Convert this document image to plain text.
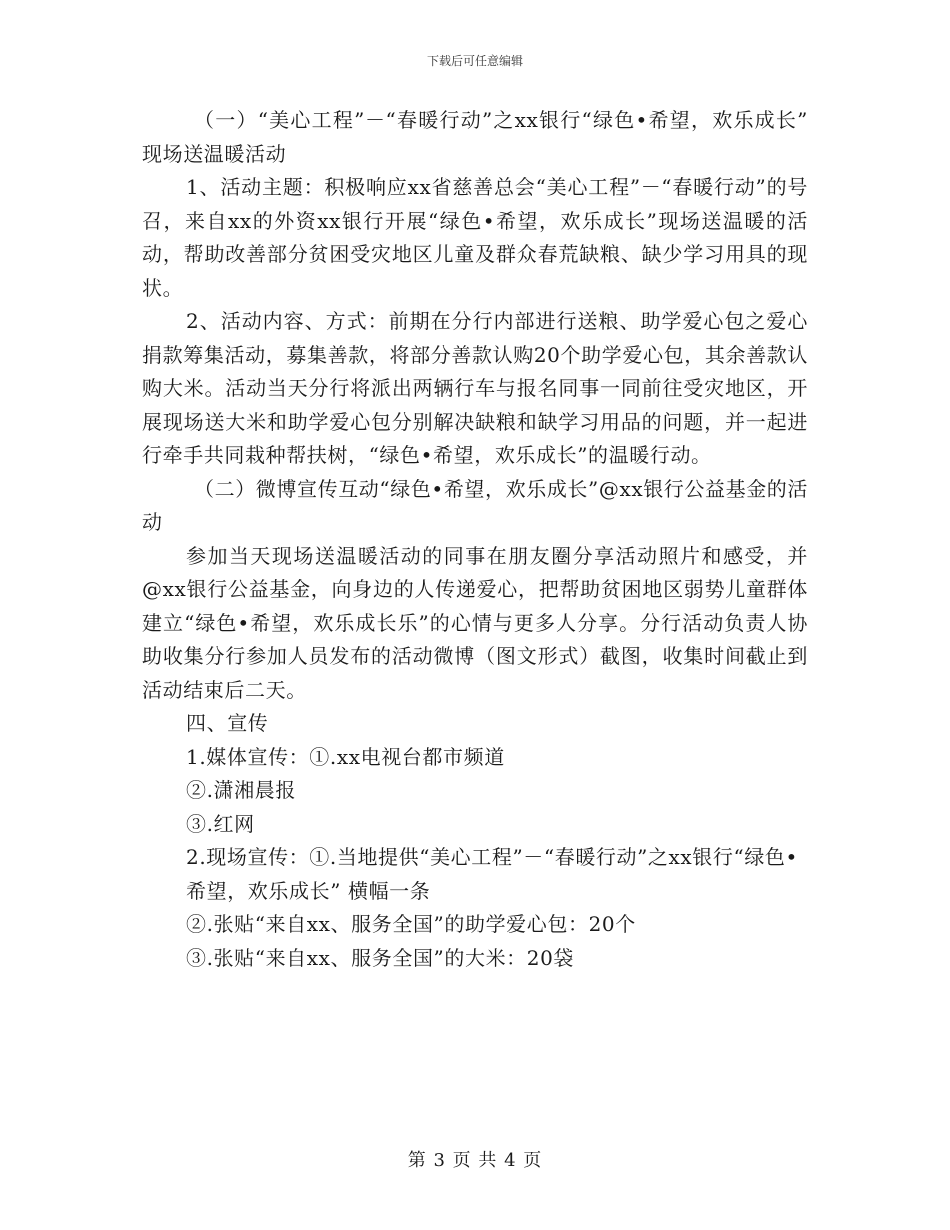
下载后可任意编辑

（一）“美心工程”－“春暖行动”之xx银行“绿色•希望，欢乐成长” 现场送温暖活动

1、活动主题：积极响应xx省慈善总会“美心工程”－“春暖行动”的号召，来自xx的外资xx银行开展“绿色•希望，欢乐成长”现场送温暖的活动，帮助改善部分贫困受灾地区儿童及群众春荒缺粮、缺少学习用具的现状。

2、活动内容、方式：前期在分行内部进行送粮、助学爱心包之爱心捐款筹集活动，募集善款，将部分善款认购20个助学爱心包，其余善款认购大米。活动当天分行将派出两辆行车与报名同事一同前往受灾地区，开展现场送大米和助学爱心包分别解决缺粮和缺学习用品的问题，并一起进行牵手共同栽种帮扶树，“绿色•希望，欢乐成长”的温暖行动。

（二）微博宣传互动“绿色•希望，欢乐成长”@xx银行公益基金的活动

参加当天现场送温暖活动的同事在朋友圈分享活动照片和感受，并@xx银行公益基金，向身边的人传递爱心，把帮助贫困地区弱势儿童群体建立“绿色•希望，欢乐成长乐”的心情与更多人分享。分行活动负责人协助收集分行参加人员发布的活动微博（图文形式）截图，收集时间截止到活动结束后二天。

四、宣传

1.媒体宣传：①.xx电视台都市频道

②.潇湘晨报

③.红网

2.现场宣传：①.当地提供“美心工程”－“春暖行动”之xx银行“绿色•

希望，欢乐成长” 横幅一条

②.张贴“来自xx、服务全国”的助学爱心包：20个

③.张贴“来自xx、服务全国”的大米：20袋

第 3 页 共 4 页
